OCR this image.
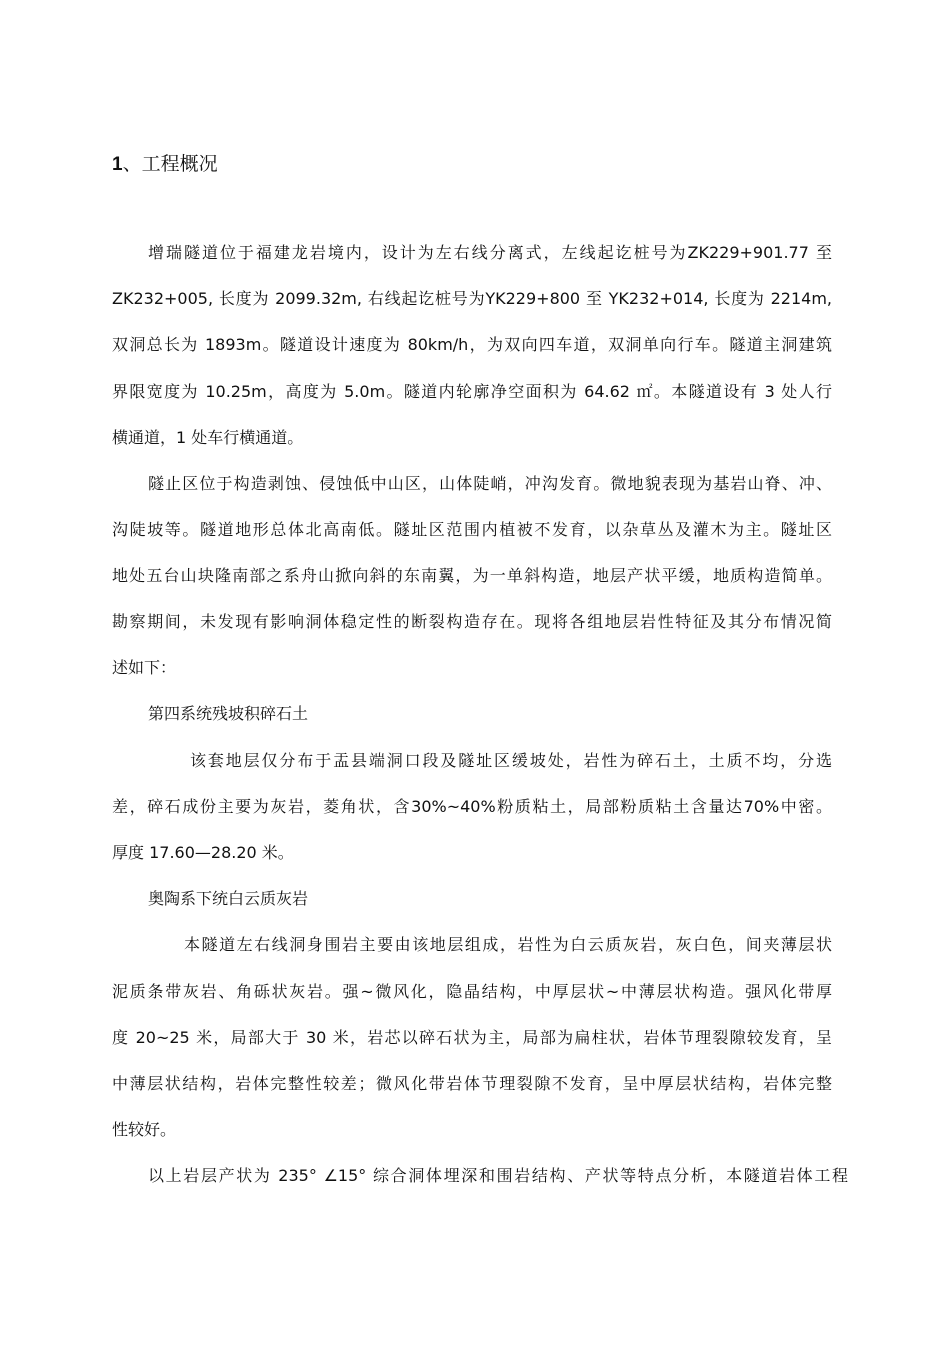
1、工程概况
增瑞隧道位于福建龙岩境内，设计为左右线分离式，左线起讫桩号为ZK229+901.77 至
ZK232+005, 长度为 2099.32m, 右线起讫桩号为YK229+800 至 YK232+014, 长度为 2214m,
双洞总长为 1893m。隧道设计速度为 80km/h，为双向四车道，双洞单向行车。隧道主洞建筑
界限宽度为 10.25m，高度为 5.0m。隧道内轮廓净空面积为 64.62 ㎡。本隧道设有 3 处人行
横通道，1 处车行横通道。
隧止区位于构造剥蚀、侵蚀低中山区，山体陡峭，冲沟发育。微地貌表现为基岩山脊、冲、
沟陡坡等。隧道地形总体北高南低。隧址区范围内植被不发育，以杂草丛及灌木为主。隧址区
地处五台山块隆南部之系舟山掀向斜的东南翼，为一单斜构造，地层产状平缓，地质构造简单。
勘察期间，未发现有影响洞体稳定性的断裂构造存在。现将各组地层岩性特征及其分布情况简
述如下：
第四系统残坡积碎石土
该套地层仅分布于盂县端洞口段及隧址区缓坡处，岩性为碎石土，土质不均，分选
差，碎石成份主要为灰岩，菱角状，含30%~40%粉质粘土，局部粉质粘土含量达70%中密。
厚度 17.60—28.20 米。
奥陶系下统白云质灰岩
本隧道左右线洞身围岩主要由该地层组成，岩性为白云质灰岩，灰白色，间夹薄层状
泥质条带灰岩、角砾状灰岩。强~微风化，隐晶结构，中厚层状~中薄层状构造。强风化带厚
度 20~25 米，局部大于 30 米，岩芯以碎石状为主，局部为扁柱状，岩体节理裂隙较发育，呈
中薄层状结构，岩体完整性较差；微风化带岩体节理裂隙不发育，呈中厚层状结构，岩体完整
性较好。
以上岩层产状为 235° ∠15° 综合洞体埋深和围岩结构、产状等特点分析，本隧道岩体工程
